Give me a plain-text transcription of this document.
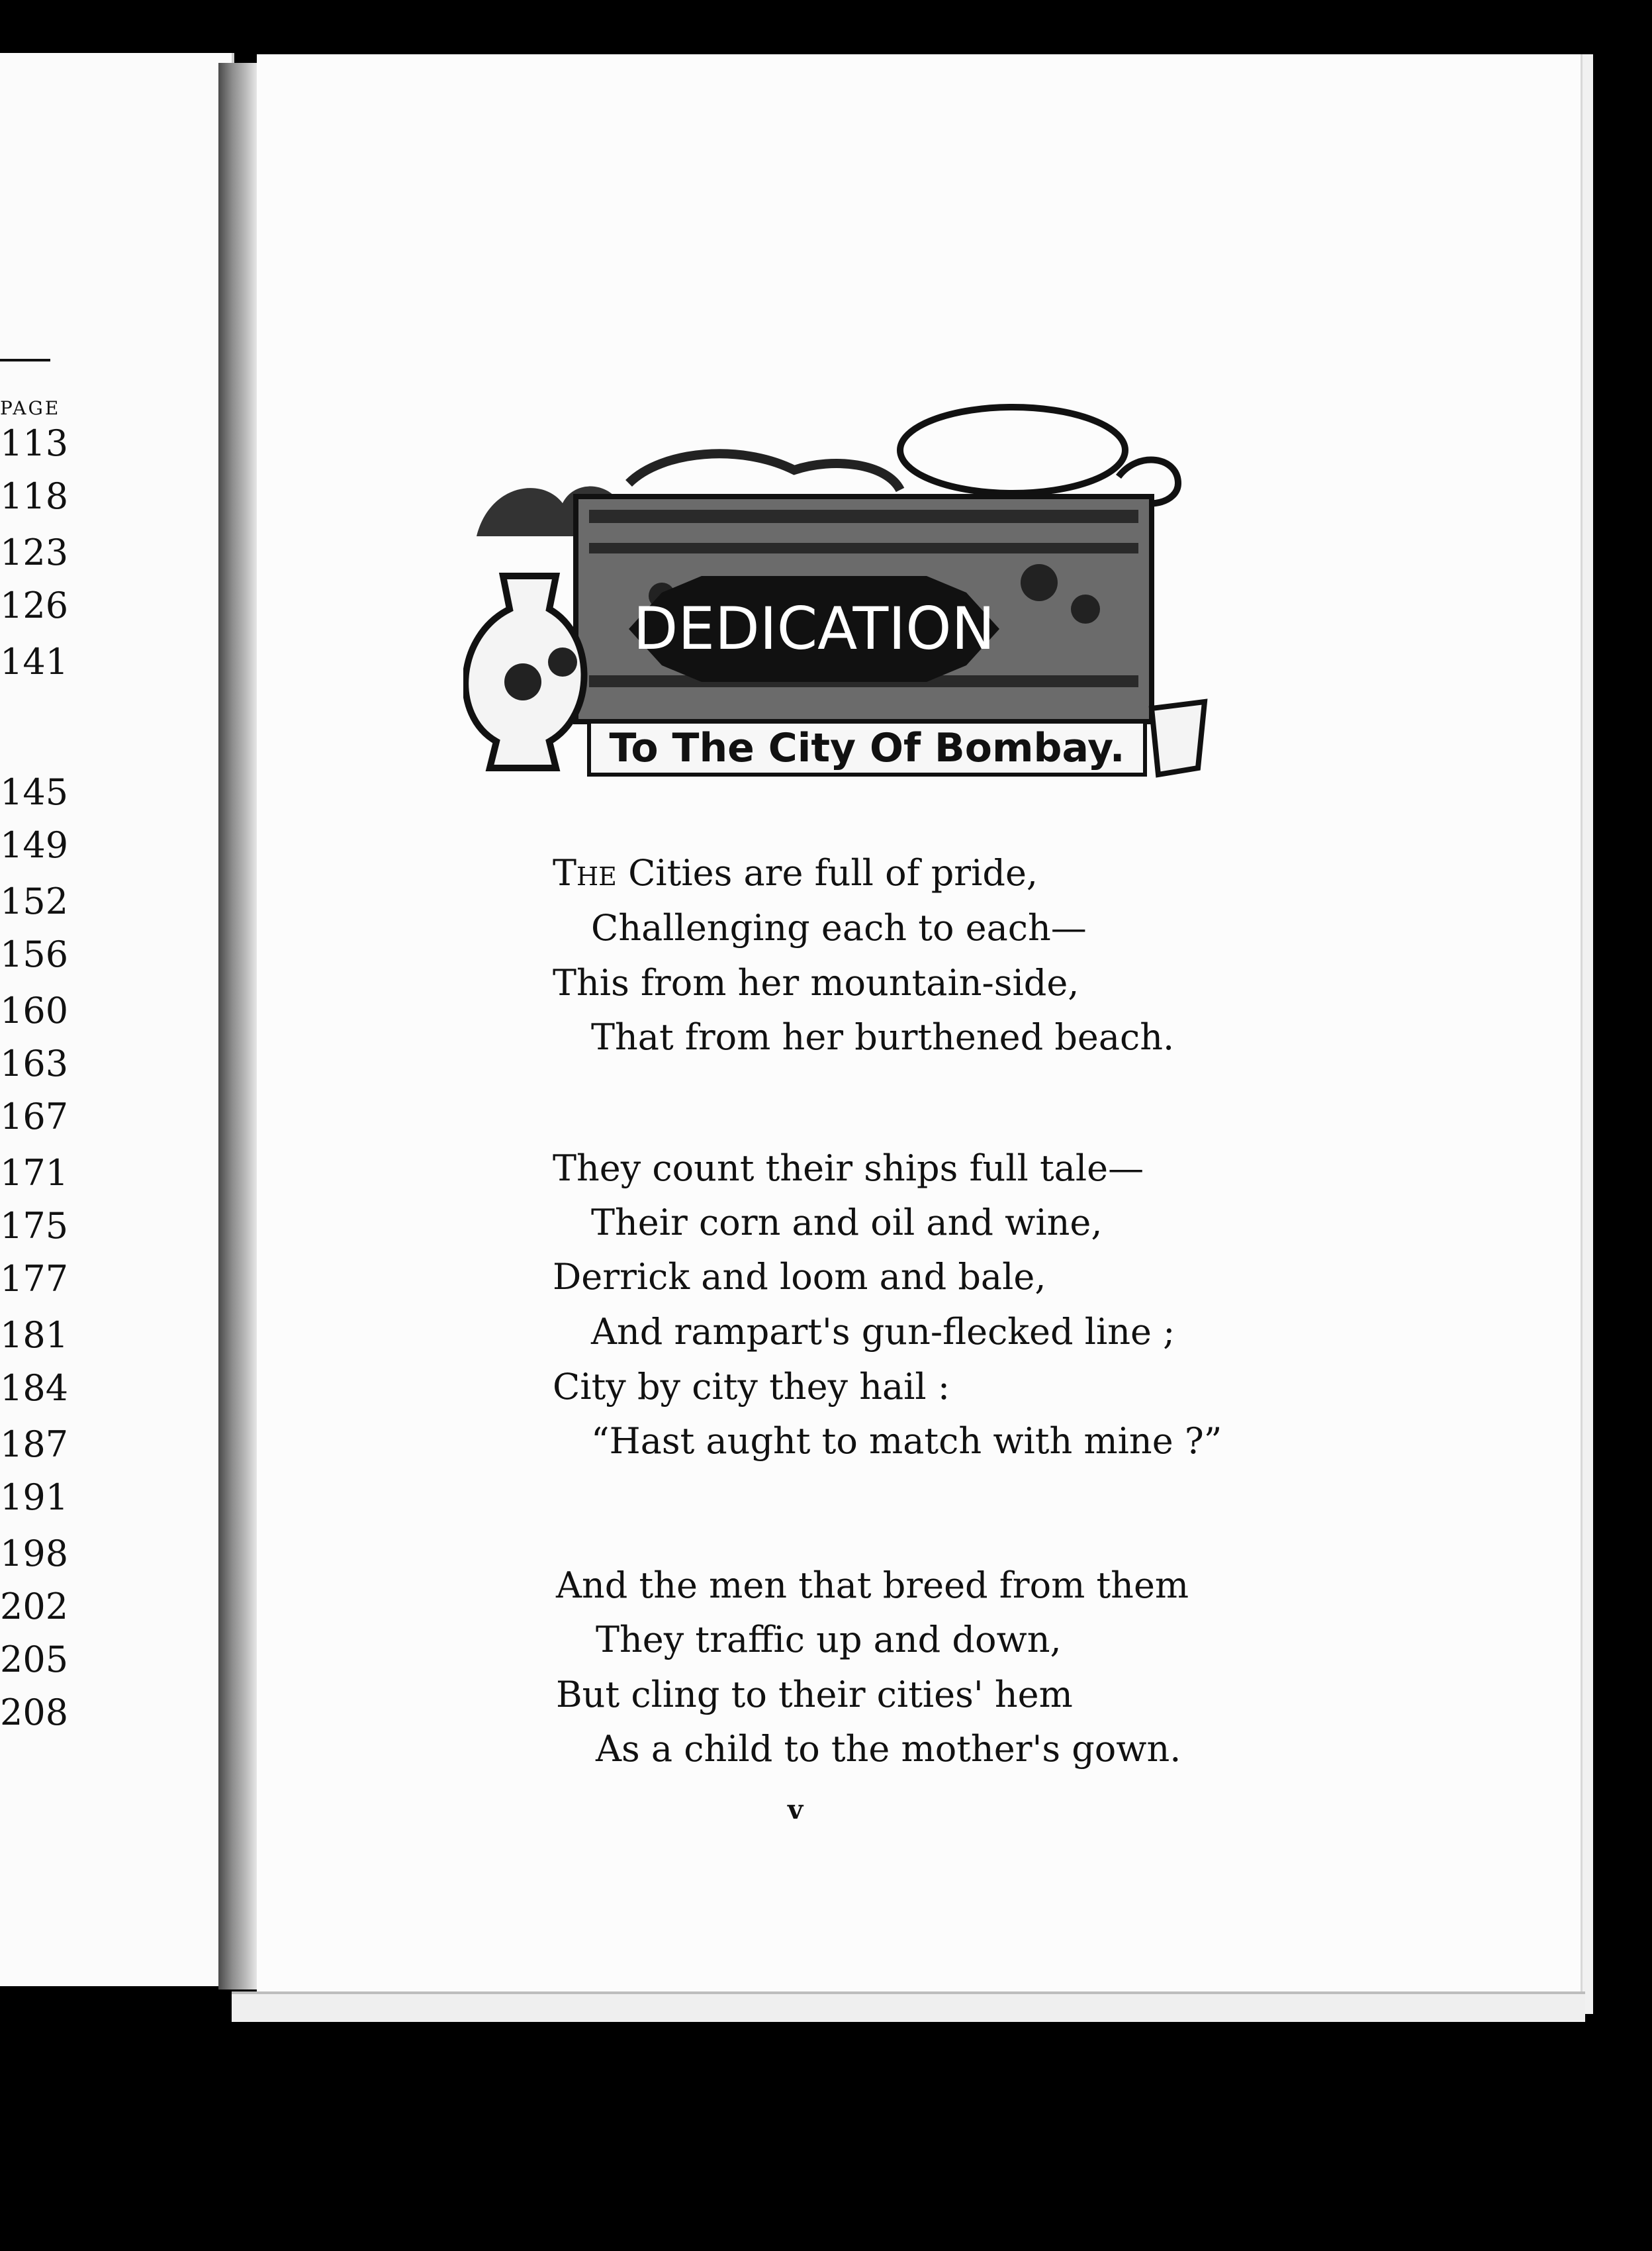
PAGE
113
118
123
126
141
145
149
152
156
160
163
167
171
175
177
181
184
187
191
198
202
205
208
DEDICATION
To The City Of Bombay.
The Cities are full of pride,
Challenging each to each—
This from her mountain-side,
That from her burthened beach.
They count their ships full tale—
Their corn and oil and wine,
Derrick and loom and bale,
And rampart's gun-flecked line ;
City by city they hail :
“Hast aught to match with mine ?”
And the men that breed from them
They traffic up and down,
But cling to their cities' hem
As a child to the mother's gown.
v
